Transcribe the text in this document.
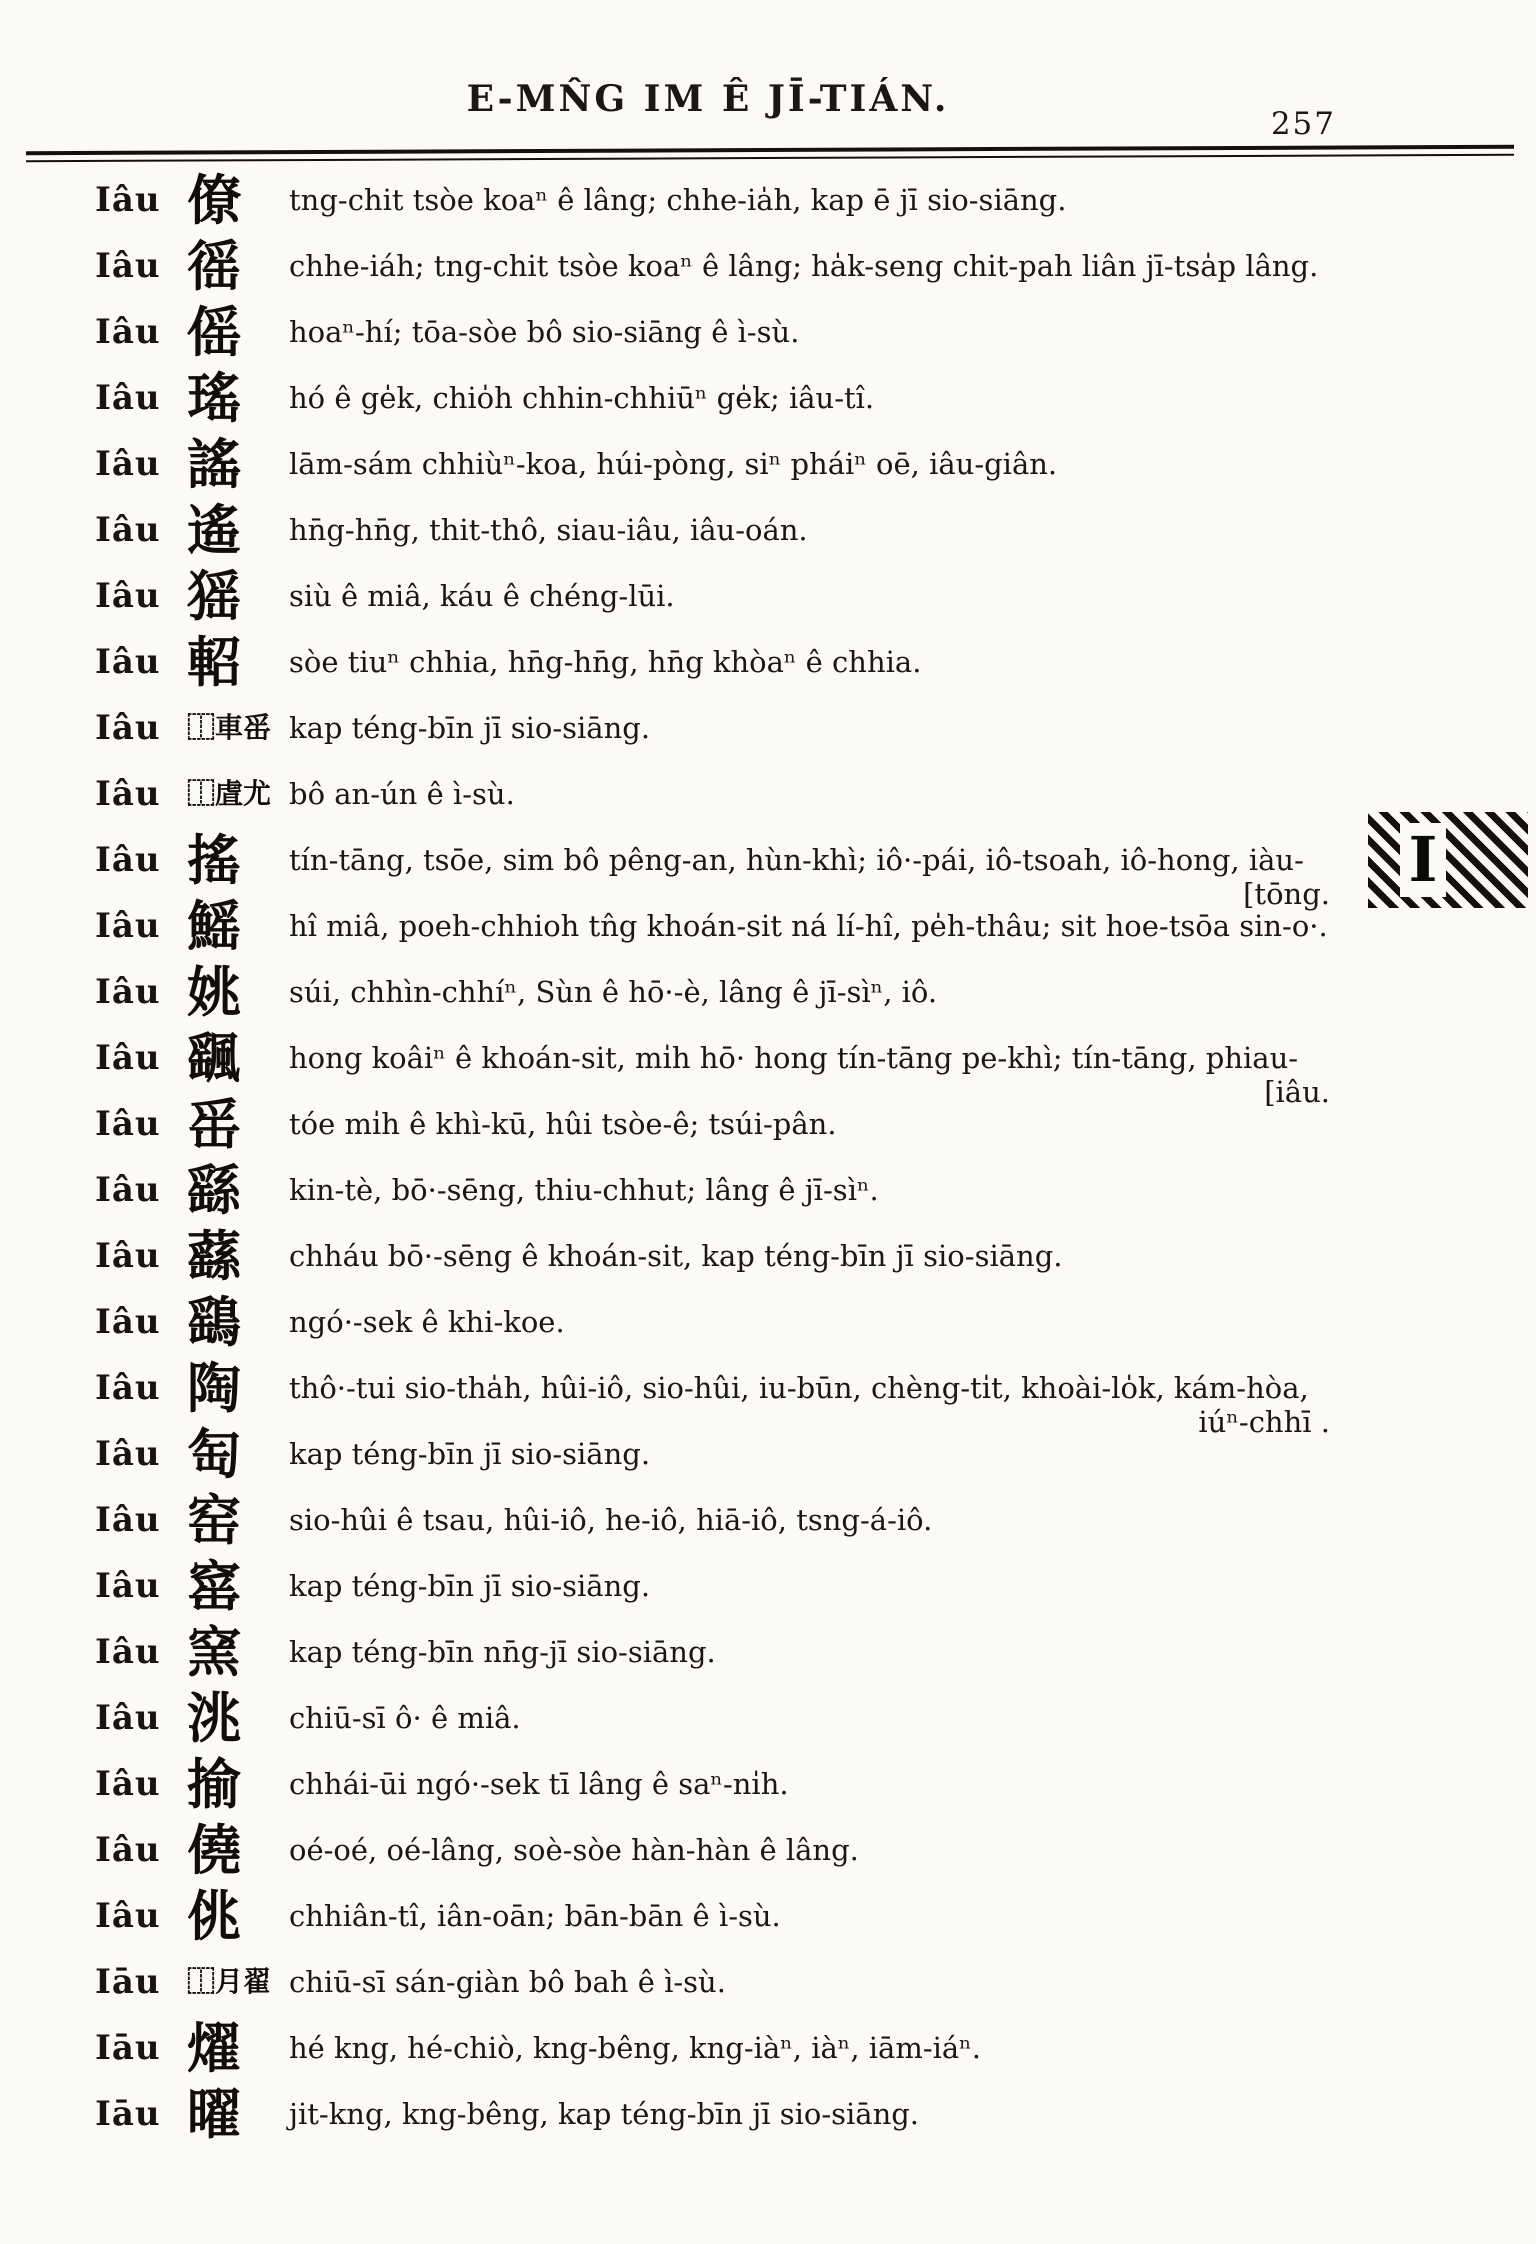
E-MN̂G IM Ê JĪ-TIÁN.
257
Iâu 僚	tng-chit tsòe koaⁿ ê lâng; chhe-ia̍h, kap ē jī sio-siāng.
Iâu 徭	chhe-iáh; tng-chit tsòe koaⁿ ê lâng; ha̍k-seng chit-pah liân jī-tsa̍p lâng.
Iâu 傜	hoaⁿ-hí; tōa-sòe bô sio-siāng ê ì-sù.
Iâu 瑤	hó ê ge̍k, chio̍h chhin-chhiūⁿ ge̍k; iâu-tî.
Iâu 謠	lām-sám chhiùⁿ-koa, húi-pòng, siⁿ pháiⁿ oē, iâu-giân.
Iâu 遙	hn̄g-hn̄g, thit-thô, siau-iâu, iâu-oán.
Iâu 猺	siù ê miâ, káu ê chéng-lūi.
Iâu 軺	sòe tiuⁿ chhia, hn̄g-hn̄g, hn̄g khòaⁿ ê chhia.
Iâu ⿰車䍃 kap téng-bīn jī sio-siāng.
Iâu ⿰虘尤 bô an-ún ê ì-sù.
Iâu 搖	tín-tāng, tsōe, sim bô pêng-an, hùn-khì; iô·-pái, iô-tsoah, iô-hong, iàu-
[tōng.
Iâu 鰩	hî miâ, poeh-chhioh tn̂g khoán-sit ná lí-hî, pe̍h-thâu; sit hoe-tsōa sin-o·.
Iâu 姚	súi, chhìn-chhíⁿ, Sùn ê hō·-è, lâng ê jī-sìⁿ, iô.
Iâu 颻	hong koâiⁿ ê khoán-sit, mi̍h hō· hong tín-tāng pe-khì; tín-tāng, phiau-
[iâu.
Iâu 䍃	tóe mi̍h ê khì-kū, hûi tsòe-ê; tsúi-pân.
Iâu 繇	kin-tè, bō·-sēng, thiu-chhut; lâng ê jī-sìⁿ.
Iâu 蘨	chháu bō·-sēng ê khoán-sit, kap téng-bīn jī sio-siāng.
Iâu 鷂	ngó·-sek ê khi-koe.
Iâu 陶	thô·-tui sio-tha̍h, hûi-iô, sio-hûi, iu-būn, chèng-ti̍t, khoài-lo̍k, kám-hòa,
iúⁿ-chhī .
Iâu 匋	kap téng-bīn jī sio-siāng.
Iâu 窑	sio-hûi ê tsau, hûi-iô, he-iô, hiā-iô, tsng-á-iô.
Iâu 窰	kap téng-bīn jī sio-siāng.
Iâu 窯	kap téng-bīn nn̄g-jī sio-siāng.
Iâu 洮	chiū-sī ô· ê miâ.
Iâu 揄	chhái-ūi ngó·-sek tī lâng ê saⁿ-ni̍h.
Iâu 僥	oé-oé, oé-lâng, soè-sòe hàn-hàn ê lâng.
Iâu 佻	chhiân-tî, iân-oān; bān-bān ê ì-sù.
Iāu ⿰月翟 chiū-sī sán-giàn bô bah ê ì-sù.
Iāu 燿	hé kng, hé-chiò, kng-bêng, kng-iàⁿ, iàⁿ, iām-iáⁿ.
Iāu 曜	jit-kng, kng-bêng, kap téng-bīn jī sio-siāng.
I
